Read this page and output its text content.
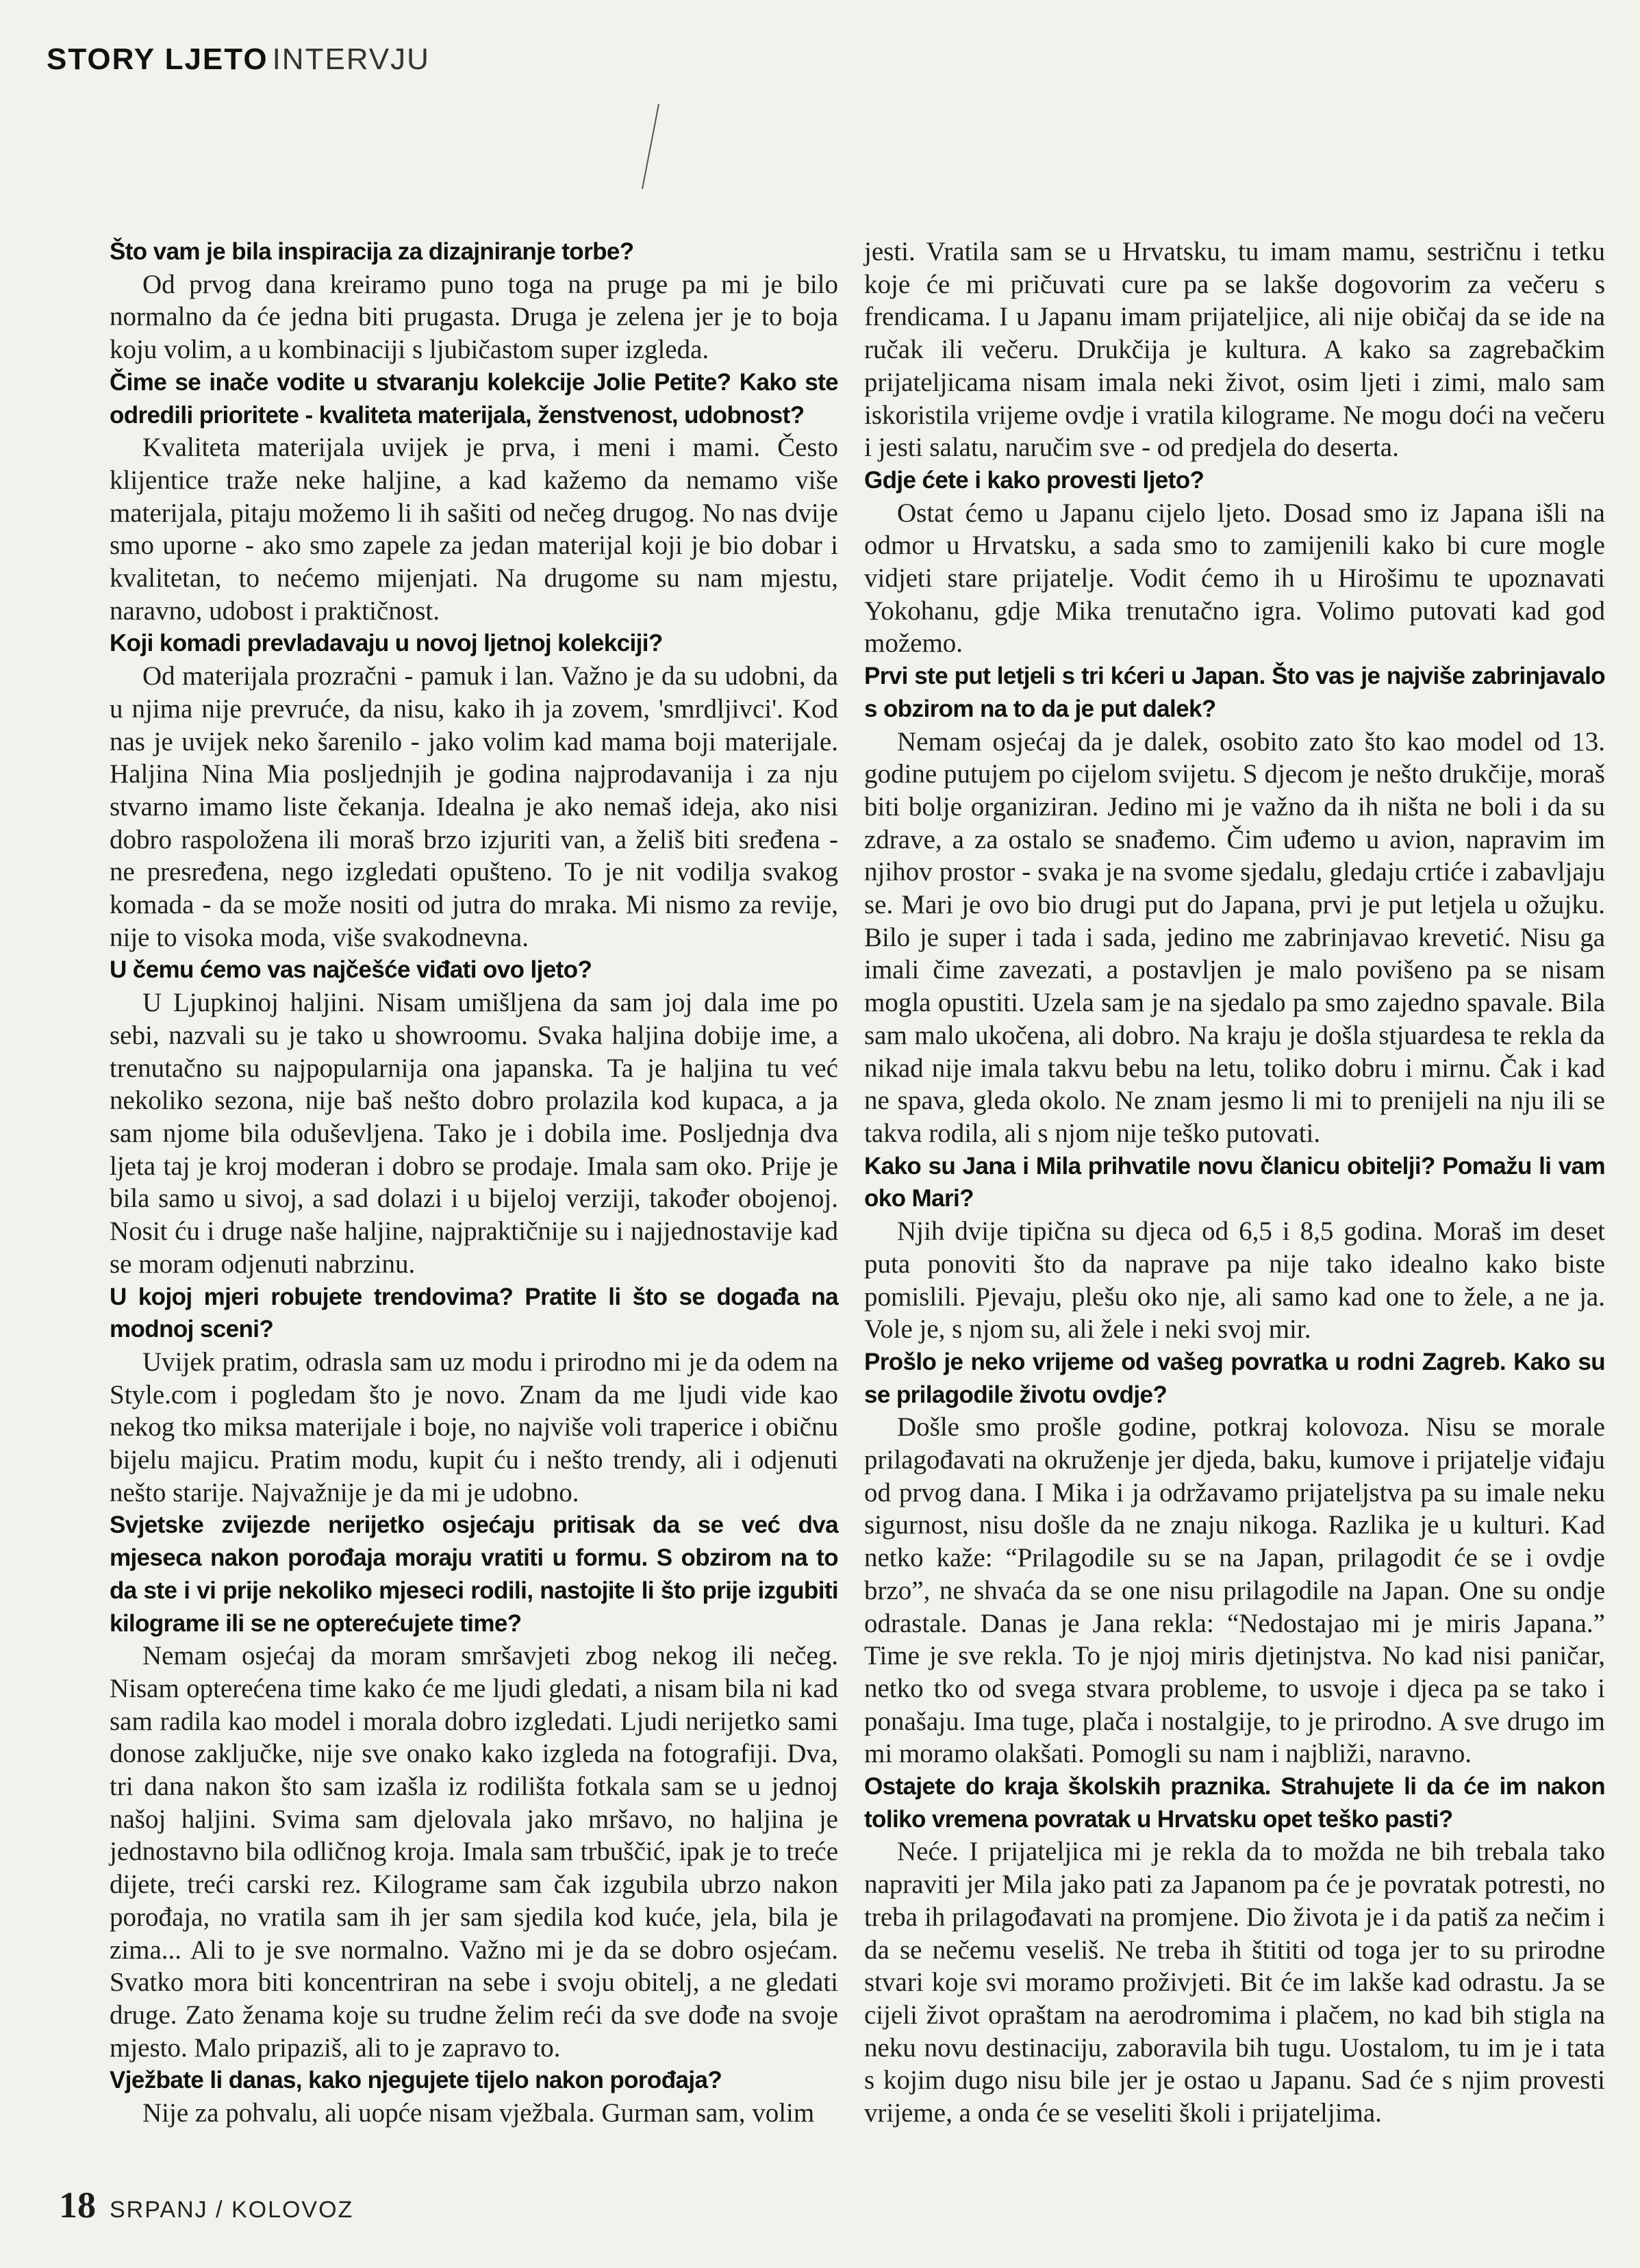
STORY LJETO INTERVJU

Što vam je bila inspiracija za dizajniranje torbe?

Od prvog dana kreiramo puno toga na pruge pa mi je bilo normalno da će jedna biti prugasta. Druga je zelena jer je to boja koju volim, a u kombinaciji s ljubičastom super izgleda.

Čime se inače vodite u stvaranju kolekcije Jolie Petite? Kako ste odredili prioritete - kvaliteta materijala, ženstvenost, udobnost?

Kvaliteta materijala uvijek je prva, i meni i mami. Često klijentice traže neke haljine, a kad kažemo da nemamo više materijala, pitaju možemo li ih sašiti od nečeg drugog. No nas dvije smo uporne - ako smo zapele za jedan materijal koji je bio dobar i kvalitetan, to nećemo mijenjati. Na drugome su nam mjestu, naravno, udobost i praktičnost.

Koji komadi prevladavaju u novoj ljetnoj kolekciji?

Od materijala prozračni - pamuk i lan. Važno je da su udobni, da u njima nije prevruće, da nisu, kako ih ja zovem, 'smrdljivci'. Kod nas je uvijek neko šarenilo - jako volim kad mama boji materijale. Haljina Nina Mia posljednjih je godina najprodavanija i za nju stvarno imamo liste čekanja. Idealna je ako nemaš ideja, ako nisi dobro raspoložena ili moraš brzo izjuriti van, a želiš biti sređena - ne presređena, nego izgledati opušteno. To je nit vodilja svakog komada - da se može nositi od jutra do mraka. Mi nismo za revije, nije to visoka moda, više svakodnevna.

U čemu ćemo vas najčešće viđati ovo ljeto?

U Ljupkinoj haljini. Nisam umišljena da sam joj dala ime po sebi, nazvali su je tako u showroomu. Svaka haljina dobije ime, a trenutačno su najpopularnija ona japanska. Ta je haljina tu već nekoliko sezona, nije baš nešto dobro prolazila kod kupaca, a ja sam njome bila oduševljena. Tako je i dobila ime. Posljednja dva ljeta taj je kroj moderan i dobro se prodaje. Imala sam oko. Prije je bila samo u sivoj, a sad dolazi i u bijeloj verziji, također obojenoj. Nosit ću i druge naše haljine, najpraktičnije su i najjednostavije kad se moram odjenuti nabrzinu.

U kojoj mjeri robujete trendovima? Pratite li što se događa na modnoj sceni?

Uvijek pratim, odrasla sam uz modu i prirodno mi je da odem na Style.com i pogledam što je novo. Znam da me ljudi vide kao nekog tko miksa materijale i boje, no najviše voli traperice i običnu bijelu majicu. Pratim modu, kupit ću i nešto trendy, ali i odjenuti nešto starije. Najvažnije je da mi je udobno.

Svjetske zvijezde nerijetko osjećaju pritisak da se već dva mjeseca nakon porođaja moraju vratiti u formu. S obzirom na to da ste i vi prije nekoliko mjeseci rodili, nastojite li što prije izgubiti kilograme ili se ne opterećujete time?

Nemam osjećaj da moram smršavjeti zbog nekog ili nečeg. Nisam opterećena time kako će me ljudi gledati, a nisam bila ni kad sam radila kao model i morala dobro izgledati. Ljudi nerijetko sami donose zaključke, nije sve onako kako izgleda na fotografiji. Dva, tri dana nakon što sam izašla iz rodilišta fotkala sam se u jednoj našoj haljini. Svima sam djelovala jako mršavo, no haljina je jednostavno bila odličnog kroja. Imala sam trbuščić, ipak je to treće dijete, treći carski rez. Kilograme sam čak izgubila ubrzo nakon porođaja, no vratila sam ih jer sam sjedila kod kuće, jela, bila je zima... Ali to je sve normalno. Važno mi je da se dobro osjećam. Svatko mora biti koncentriran na sebe i svoju obitelj, a ne gledati druge. Zato ženama koje su trudne želim reći da sve dođe na svoje mjesto. Malo pripaziš, ali to je zapravo to.

Vježbate li danas, kako njegujete tijelo nakon porođaja?

Nije za pohvalu, ali uopće nisam vježbala. Gurman sam, volim

jesti. Vratila sam se u Hrvatsku, tu imam mamu, sestričnu i tetku koje će mi pričuvati cure pa se lakše dogovorim za večeru s frendicama. I u Japanu imam prijateljice, ali nije običaj da se ide na ručak ili večeru. Drukčija je kultura. A kako sa zagrebačkim prijateljicama nisam imala neki život, osim ljeti i zimi, malo sam iskoristila vrijeme ovdje i vratila kilograme. Ne mogu doći na večeru i jesti salatu, naručim sve - od predjela do deserta.

Gdje ćete i kako provesti ljeto?

Ostat ćemo u Japanu cijelo ljeto. Dosad smo iz Japana išli na odmor u Hrvatsku, a sada smo to zamijenili kako bi cure mogle vidjeti stare prijatelje. Vodit ćemo ih u Hirošimu te upoznavati Yokohanu, gdje Mika trenutačno igra. Volimo putovati kad god možemo.

Prvi ste put letjeli s tri kćeri u Japan. Što vas je najviše zabrinjavalo s obzirom na to da je put dalek?

Nemam osjećaj da je dalek, osobito zato što kao model od 13. godine putujem po cijelom svijetu. S djecom je nešto drukčije, moraš biti bolje organiziran. Jedino mi je važno da ih ništa ne boli i da su zdrave, a za ostalo se snađemo. Čim uđemo u avion, napravim im njihov prostor - svaka je na svome sjedalu, gledaju crtiće i zabavljaju se. Mari je ovo bio drugi put do Japana, prvi je put letjela u ožujku. Bilo je super i tada i sada, jedino me zabrinjavao krevetić. Nisu ga imali čime zavezati, a postavljen je malo povišeno pa se nisam mogla opustiti. Uzela sam je na sjedalo pa smo zajedno spavale. Bila sam malo ukočena, ali dobro. Na kraju je došla stjuardesa te rekla da nikad nije imala takvu bebu na letu, toliko dobru i mirnu. Čak i kad ne spava, gleda okolo. Ne znam jesmo li mi to prenijeli na nju ili se takva rodila, ali s njom nije teško putovati.

Kako su Jana i Mila prihvatile novu članicu obitelji? Pomažu li vam oko Mari?

Njih dvije tipična su djeca od 6,5 i 8,5 godina. Moraš im deset puta ponoviti što da naprave pa nije tako idealno kako biste pomislili. Pjevaju, plešu oko nje, ali samo kad one to žele, a ne ja. Vole je, s njom su, ali žele i neki svoj mir.

Prošlo je neko vrijeme od vašeg povratka u rodni Zagreb. Kako su se prilagodile životu ovdje?

Došle smo prošle godine, potkraj kolovoza. Nisu se morale prilagođavati na okruženje jer djeda, baku, kumove i prijatelje viđaju od prvog dana. I Mika i ja održavamo prijateljstva pa su imale neku sigurnost, nisu došle da ne znaju nikoga. Razlika je u kulturi. Kad netko kaže: “Prilagodile su se na Japan, prilagodit će se i ovdje brzo”, ne shvaća da se one nisu prilagodile na Japan. One su ondje odrastale. Danas je Jana rekla: “Nedostajao mi je miris Japana.” Time je sve rekla. To je njoj miris djetinjstva. No kad nisi paničar, netko tko od svega stvara probleme, to usvoje i djeca pa se tako i ponašaju. Ima tuge, plača i nostalgije, to je prirodno. A sve drugo im mi moramo olakšati. Pomogli su nam i najbliži, naravno.

Ostajete do kraja školskih praznika. Strahujete li da će im nakon toliko vremena povratak u Hrvatsku opet teško pasti?

Neće. I prijateljica mi je rekla da to možda ne bih trebala tako napraviti jer Mila jako pati za Japanom pa će je povratak potresti, no treba ih prilagođavati na promjene. Dio života je i da patiš za nečim i da se nečemu veseliš. Ne treba ih štititi od toga jer to su prirodne stvari koje svi moramo proživjeti. Bit će im lakše kad odrastu. Ja se cijeli život opraštam na aerodromima i plačem, no kad bih stigla na neku novu destinaciju, zaboravila bih tugu. Uostalom, tu im je i tata s kojim dugo nisu bile jer je ostao u Japanu. Sad će s njim provesti vrijeme, a onda će se veseliti školi i prijateljima.

18 SRPANJ / KOLOVOZ
